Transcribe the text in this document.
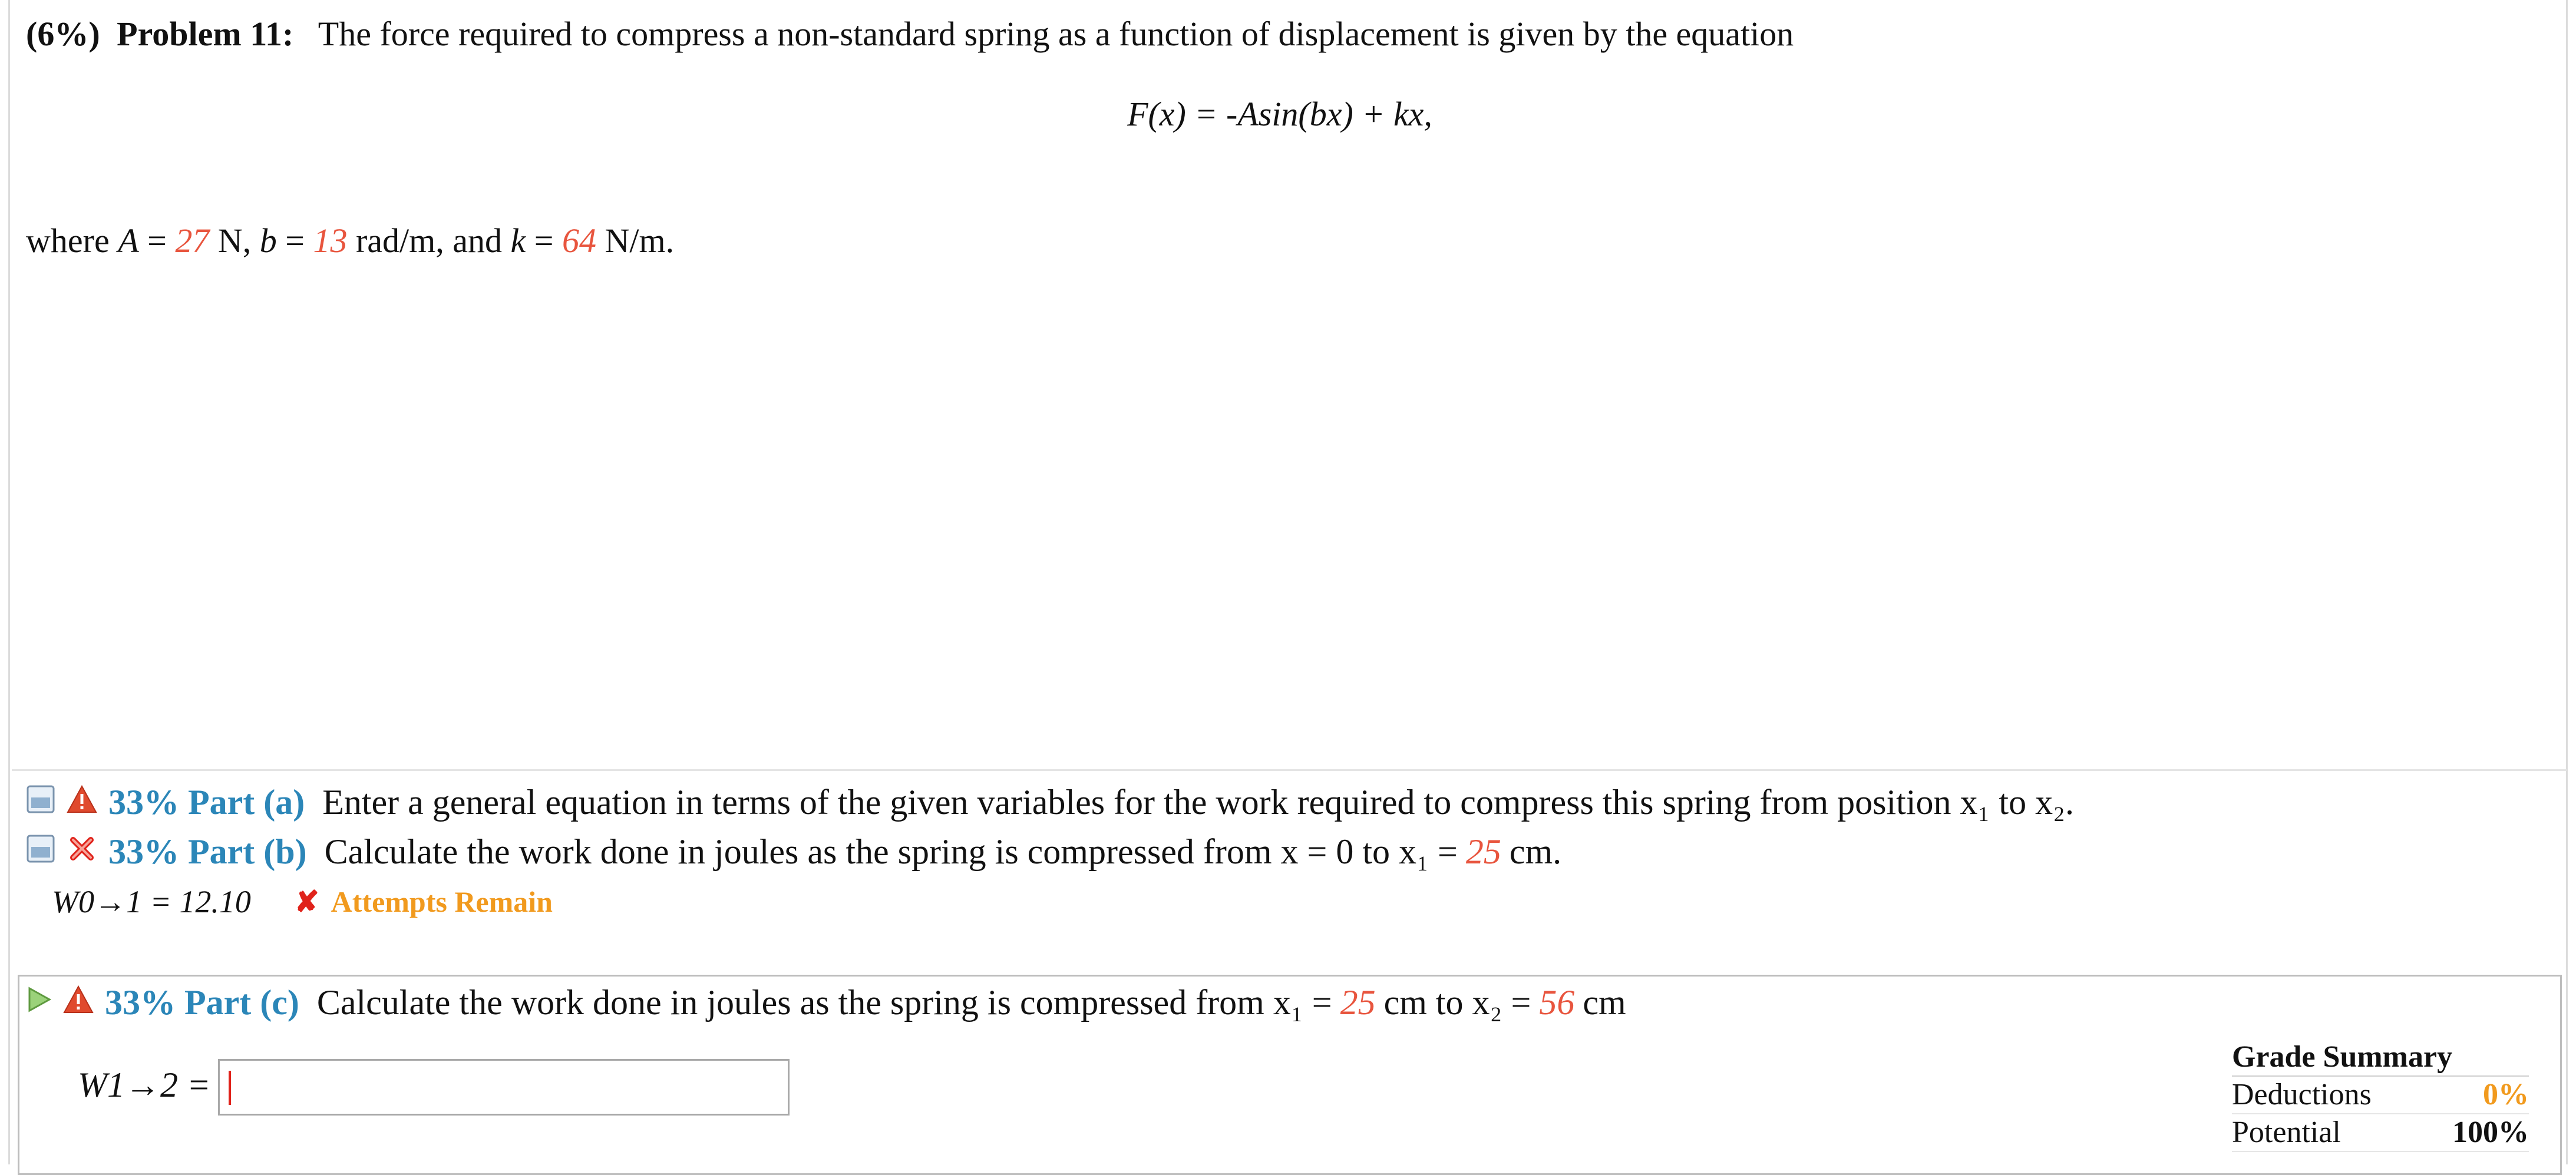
(6%) Problem 11: The force required to compress a non-standard spring as a function of displacement is given by the equation
F(x) = -Asin(bx) + kx,
where A = 27 N, b = 13 rad/m, and k = 64 N/m.
33% Part (a) Enter a general equation in terms of the given variables for the work required to compress this spring from position x₁ to x₂.
33% Part (b) Calculate the work done in joules as the spring is compressed from x = 0 to x₁ = 25 cm.
W0→1 = 12.10 ✘ Attempts Remain
33% Part (c) Calculate the work done in joules as the spring is compressed from x₁ = 25 cm to x₂ = 56 cm
W1→2 =
Grade Summary
Deductions	0%
Potential	100%
